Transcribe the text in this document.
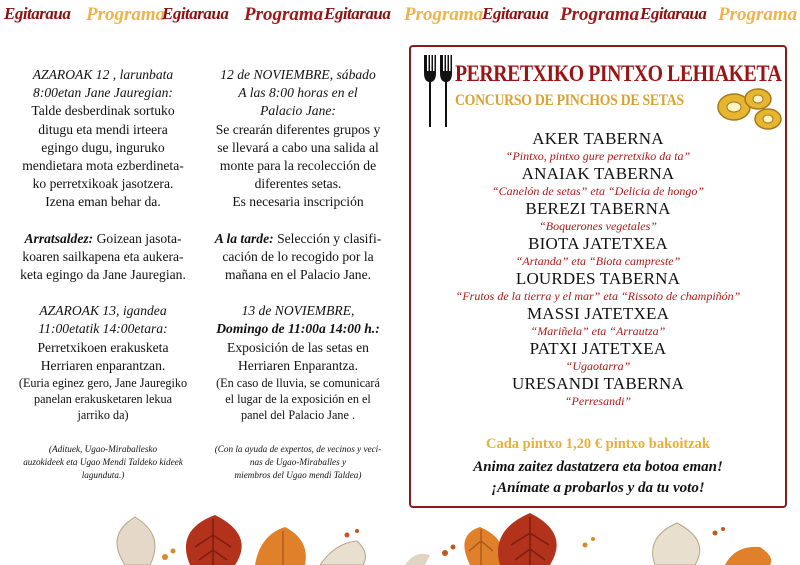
Egitaraua Programa
Egitaraua Programa Egitaraua Programa
Egitaraua Programa Egitaraua Programa

AZAROAK 12 , larunbata

8:00etan Jane Jauregian:

Talde desberdinak sortuko

ditugu eta mendi irteera

egingo dugu, inguruko

mendietara mota ezberdineta-

ko perretxikoak jasotzera.

Izena eman behar da.

Arratsaldez: Goizean jasota-

koaren sailkapena eta aukera-

keta egingo da Jane Jauregian.

AZAROAK 13, igandea

11:00etatik 14:00etara:

Perretxikoen erakusketa

Herriaren enparantzan.

(Euria eginez gero, Jane Jauregiko

panelan erakusketaren lekua

jarriko da)

(Adituek, Ugao-Miraballesko

auzokideek eta Ugao Mendi Taldeko kideek

lagunduta.)

12 de NOVIEMBRE, sábado

A las 8:00 horas en el

Palacio Jane:

Se crearán diferentes grupos y

se llevará a cabo una salida al

monte para la recolección de

diferentes setas.

Es necesaria inscripción

A la tarde: Selección y clasifi-

cación de lo recogido por la

mañana en el Palacio Jane.

13 de NOVIEMBRE,

Domingo de 11:00a 14:00 h.:

Exposición de las setas en

Herriaren Enparantza.

(En caso de lluvia, se comunicará

el lugar de la exposición en el

panel del Palacio Jane .

(Con la ayuda de expertos, de vecinos y veci-

nas de Ugao-Miraballes y

miembros del Ugao mendi Taldea)

PERRETXIKO PINTXO LEHIAKETA
CONCURSO DE PINCHOS DE SETAS
AKER TABERNA
“Pintxo, pintxo gure perretxiko da ta”
ANAIAK TABERNA
“Canelón de setas” eta “Delicia de hongo”
BEREZI TABERNA
“Boquerones vegetales”
BIOTA JATETXEA
“Artanda” eta “Biota campreste”
LOURDES TABERNA
“Frutos de la tierra y el mar” eta “Rissoto de champiñón”
MASSI JATETXEA
“Mariñela” eta “Arrautza”
PATXI JATETXEA
“Ugaotarra”
URESANDI TABERNA
“Perresandi”
Cada pintxo 1,20 € pintxo bakoitzak
Anima zaitez dastatzera eta botoa eman!
¡Anímate a probarlos y da tu voto!
